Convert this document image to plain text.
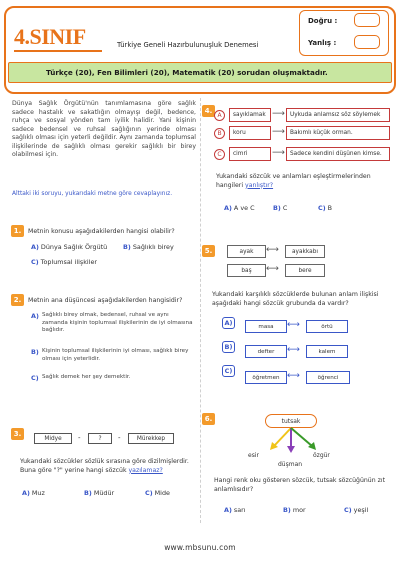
4.SINIF	Türkiye Geneli Hazırbulunuşluk Denemesi
Doğru :
Yanlış :
Türkçe (20), Fen Bilimleri (20), Matematik (20) sorudan oluşmaktadır.
Dünya Sağlık Örgütü'nün tanımlamasına göre sağlık sadece hastalık ve sakatlığın olmayışı değil, bedence, ruhça ve sosyal yönden tam iyilik halidir. Yani kişinin sadece bedensel ve ruhsal sağlığının yerinde olması sağlıklı olması için yeterli değildir. Aynı zamanda toplumsal ilişkilerinde de sağlıklı olması gerekir sağlıklı bir birey olabilmesi için.
Alttaki iki soruyu, yukarıdaki metne göre cevaplayınız.
1.	Metnin konusu aşağıdakilerden hangisi olabilir?
A) Dünya Sağlık Örgütü B) Sağlıklı birey
C) Toplumsal ilişkiler
2.	Metnin ana düşüncesi aşağıdakilerden hangisidir?
A) Sağlıklı birey olmak, bedensel, ruhsal ve aynı zamanda kişinin toplumsal ilişkilerinin de iyi olmasına bağlıdır.
B) Kişinin toplumsal ilişkilerinin iyi olması, sağlıklı birey olması için yeterlidir.
C) Sağlık demek her şey demektir.
3.
Midye	-	?	-	Mürekkep
Yukarıdaki sözcükler sözlük sırasına göre dizilmişlerdir. Buna göre "?" yerine hangi sözcük yazılamaz?
A) Muz	B) Müdür	C) Mide
4.
A	sayıklamak ⟶ Uykuda anlamsız söz söylemek
B	koru	⟶ Bakımlı küçük orman.
C	cimri	⟶ Sadece kendini düşünen kimse.
Yukarıdaki sözcük ve anlamları eşleştirmelerinden hangileri yanlıştır?
A) A ve C	B) C	C) B
5.	ayak	⟷	ayakkabı
baş	⟷	bere
Yukarıdaki karşılıklı sözcüklerde bulunan anlam ilişkisi aşağıdaki hangi sözcük grubunda da vardır?
A)	masa	⟷	örtü
B)
defter	⟷	kalem
C)
öğretmen ⟷	öğrenci
6.	tutsak
esir
düşman
özgür
Hangi renk oku gösteren sözcük, tutsak sözcüğünün zıt anlamlısıdır?
A) sarı	B) mor	C) yeşil
www.mbsunu.com
